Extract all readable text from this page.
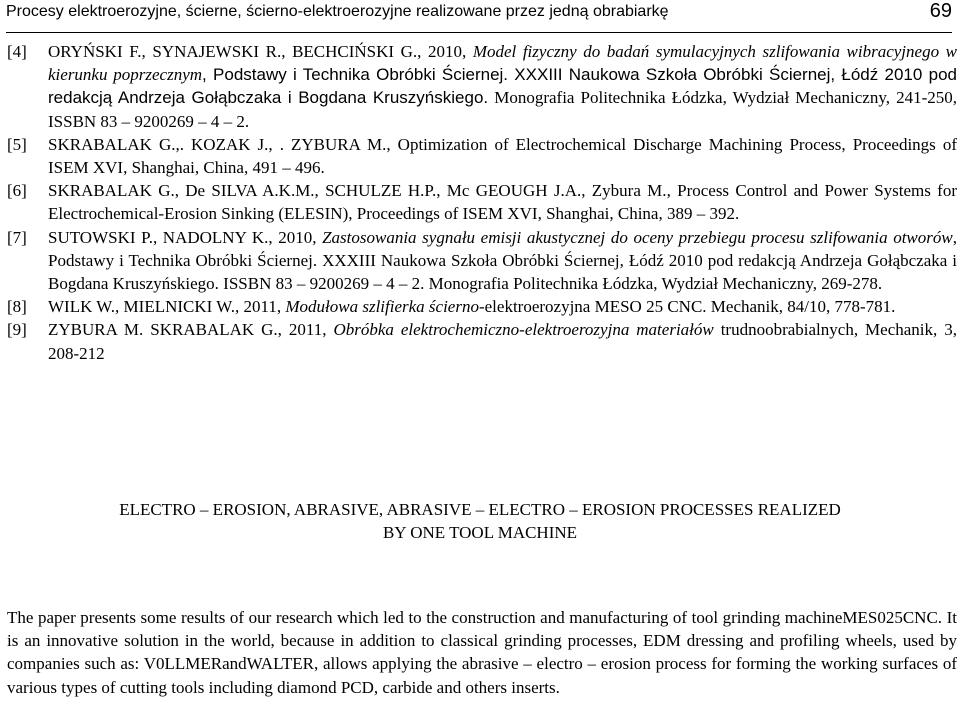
Procesy elektroerozyjne, ścierne, ścierno-elektroerozyjne realizowane przez jedną obrabiarkę	69
[4] ORYŃSKI F., SYNAJEWSKI R., BECHCIŃSKI G., 2010, Model fizyczny do badań symulacyjnych szlifowania wibracyjnego w kierunku poprzecznym, Podstawy i Technika Obróbki Ściernej. XXXIII Naukowa Szkoła Obróbki Ściernej, Łódź 2010 pod redakcją Andrzeja Gołąbczaka i Bogdana Kruszyńskiego. Monografia Politechnika Łódzka, Wydział Mechaniczny, 241-250, ISSBN 83 – 9200269 – 4 – 2.
[5] SKRABALAK G.,. KOZAK J., . ZYBURA M., Optimization of Electrochemical Discharge Machining Process, Proceedings of ISEM XVI, Shanghai, China, 491 – 496.
[6] SKRABALAK G., De SILVA A.K.M., SCHULZE H.P., Mc GEOUGH J.A., Zybura M., Process Control and Power Systems for Electrochemical-Erosion Sinking (ELESIN), Proceedings of ISEM XVI, Shanghai, China, 389 – 392.
[7] SUTOWSKI P., NADOLNY K., 2010, Zastosowania sygnału emisji akustycznej do oceny przebiegu procesu szlifowania otworów, Podstawy i Technika Obróbki Ściernej. XXXIII Naukowa Szkoła Obróbki Ściernej, Łódź 2010 pod redakcją Andrzeja Gołąbczaka i Bogdana Kruszyńskiego. ISSBN 83 – 9200269 – 4 – 2. Monografia Politechnika Łódzka, Wydział Mechaniczny, 269-278.
[8] WILK W., MIELNICKI W., 2011, Modułowa szlifierka ścierno-elektroerozyjna MESO 25 CNC. Mechanik, 84/10, 778-781.
[9] ZYBURA M. SKRABALAK G., 2011, Obróbka elektrochemiczno-elektroerozyjna materiałów trudnoobrabialnych, Mechanik, 3, 208-212
ELECTRO – EROSION, ABRASIVE, ABRASIVE – ELECTRO – EROSION PROCESSES REALIZED
BY ONE TOOL MACHINE
The paper presents some results of our research which led to the construction and manufacturing of tool grinding machineMES025CNC. It is an innovative solution in the world, because in addition to classical grinding processes, EDM dressing and profiling wheels, used by companies such as: V0LLMERandWALTER, allows applying the abrasive – electro – erosion process for forming the working surfaces of various types of cutting tools including diamond PCD, carbide and others inserts.
